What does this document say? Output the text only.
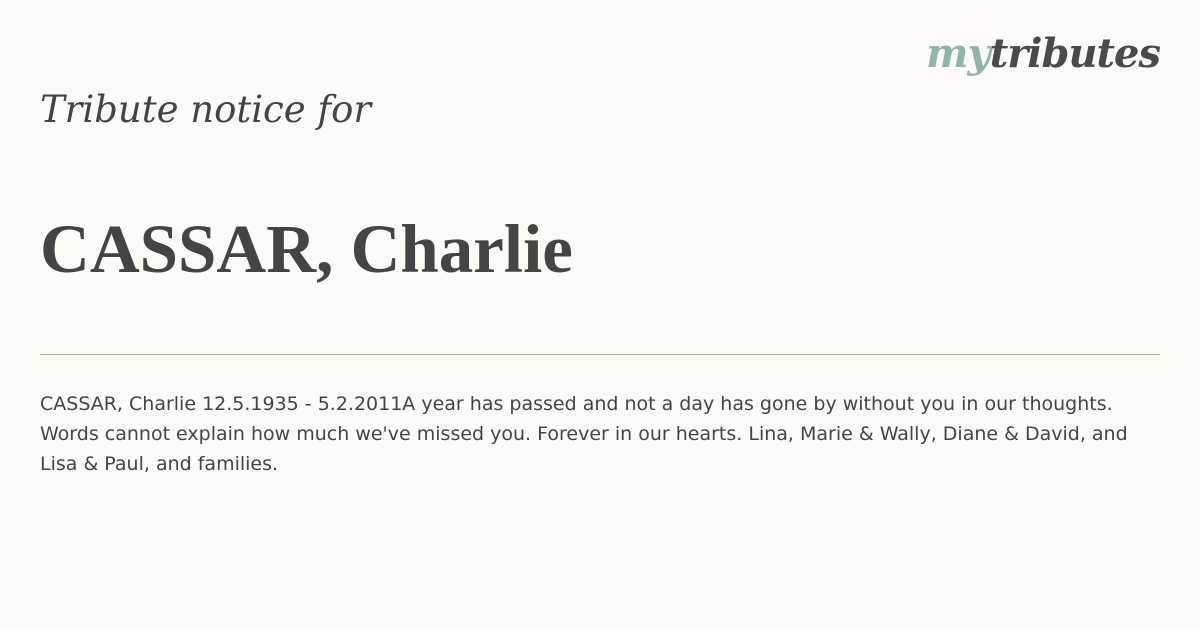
mytributes
Tribute notice for
CASSAR, Charlie

CASSAR, Charlie 12.5.1935 - 5.2.2011A year has passed and not a day has gone by without you in our thoughts. Words cannot explain how much we've missed you. Forever in our hearts. Lina, Marie & Wally, Diane & David, and Lisa & Paul, and families.
